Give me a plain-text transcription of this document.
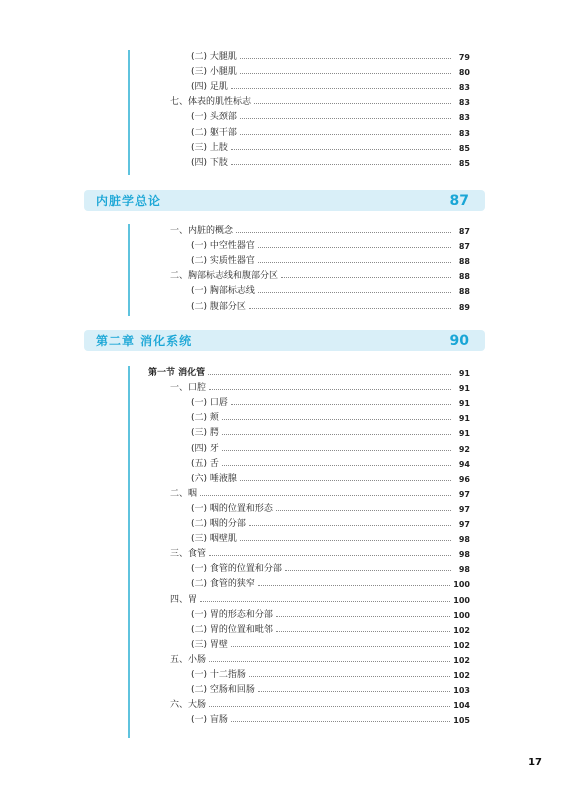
(二) 大腿肌	79
(三) 小腿肌	80
(四) 足肌	83
七、体表的肌性标志	83
(一) 头颈部	83
(二) 躯干部	83
(三) 上肢	85
(四) 下肢	85
内脏学总论	87
一、内脏的概念	87
(一) 中空性器官	87
(二) 实质性器官	88
二、胸部标志线和腹部分区	88
(一) 胸部标志线	88
(二) 腹部分区	89
第二章 消化系统	90
第一节 消化管	91
一、口腔	91
(一) 口唇	91
(二) 颊	91
(三) 腭	91
(四) 牙	92
(五) 舌	94
(六) 唾液腺	96
二、咽	97
(一) 咽的位置和形态	97
(二) 咽的分部	97
(三) 咽壁肌	98
三、食管	98
(一) 食管的位置和分部	98
(二) 食管的狭窄	100
四、胃	100
(一) 胃的形态和分部	100
(二) 胃的位置和毗邻	102
(三) 胃壁	102
五、小肠	102
(一) 十二指肠	102
(二) 空肠和回肠	103
六、大肠	104
(一) 盲肠	105
17
